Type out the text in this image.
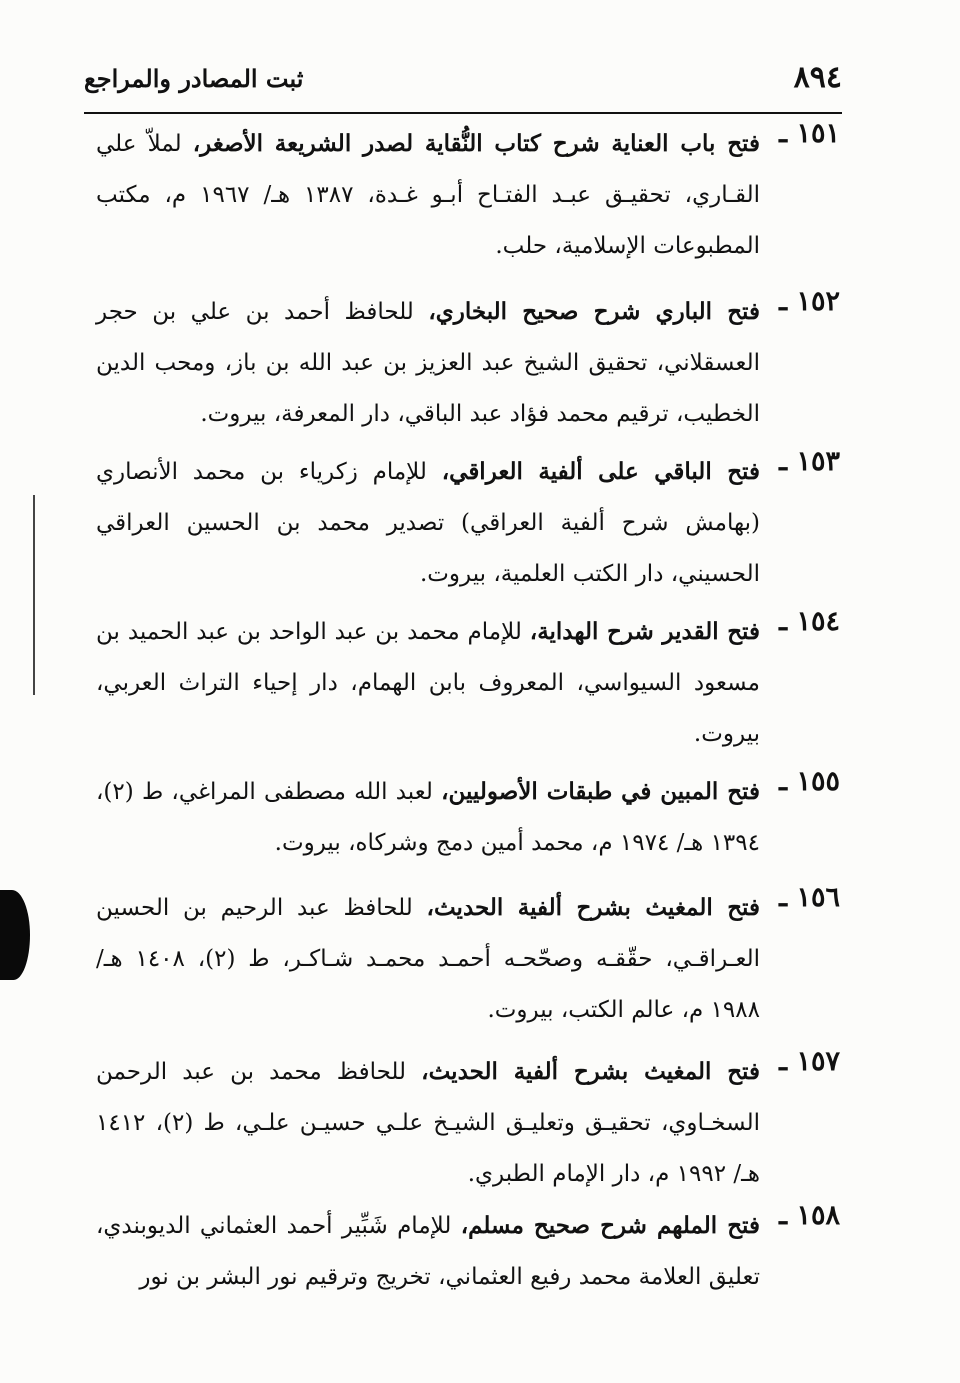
٨٩٤
ثبت المصادر والمراجع
١٥١ ـ
فتح باب العناية شرح كتاب النُّقاية لصدر الشريعة الأصغر، لملاّ علي القـاري، تحقيـق عبـد الفتـاح أبـو غـدة، ١٣٨٧ هـ/ ١٩٦٧ م، مكتب المطبوعات الإسلامية، حلب.
١٥٢ ـ
فتح الباري شرح صحيح البخاري، للحافظ أحمد بن علي بن حجر العسقلاني، تحقيق الشيخ عبد العزيز بن عبد الله بن باز، ومحب الدين الخطيب، ترقيم محمد فؤاد عبد الباقي، دار المعرفة، بيروت.
١٥٣ ـ
فتح الباقي على ألفية العراقي، للإمام زكرياء بن محمد الأنصاري (بهامش شرح ألفية العراقي) تصدير محمد بن الحسين العراقي الحسيني، دار الكتب العلمية، بيروت.
١٥٤ ـ
فتح القدير شرح الهداية، للإمام محمد بن عبد الواحد بن عبد الحميد بن مسعود السيواسي، المعروف بابن الهمام، دار إحياء التراث العربي، بيروت.
١٥٥ ـ
فتح المبين في طبقات الأصوليين، لعبد الله مصطفى المراغي، ط (٢)، ١٣٩٤ هـ/ ١٩٧٤ م، محمد أمين دمج وشركاه، بيروت.
١٥٦ ـ
فتح المغيث بشرح ألفية الحديث، للحافظ عبد الرحيم بن الحسين العـراقـي، حقّقـه وصحّحـه أحمـد محمـد شـاكـر، ط (٢)، ١٤٠٨ هـ/ ١٩٨٨ م، عالم الكتب، بيروت.
١٥٧ ـ
فتح المغيث بشرح ألفية الحديث، للحافظ محمد بن عبد الرحمن السخـاوي، تحقيـق وتعليـق الشيـخ علـي حسيـن علـي، ط (٢)، ١٤١٢ هـ/ ١٩٩٢ م، دار الإمام الطبري.
١٥٨ ـ
فتح الملهم شرح صحيح مسلم، للإمام شَبِّير أحمد العثماني الديوبندي، تعليق العلامة محمد رفيع العثماني، تخريج وترقيم نور البشر بن نور
